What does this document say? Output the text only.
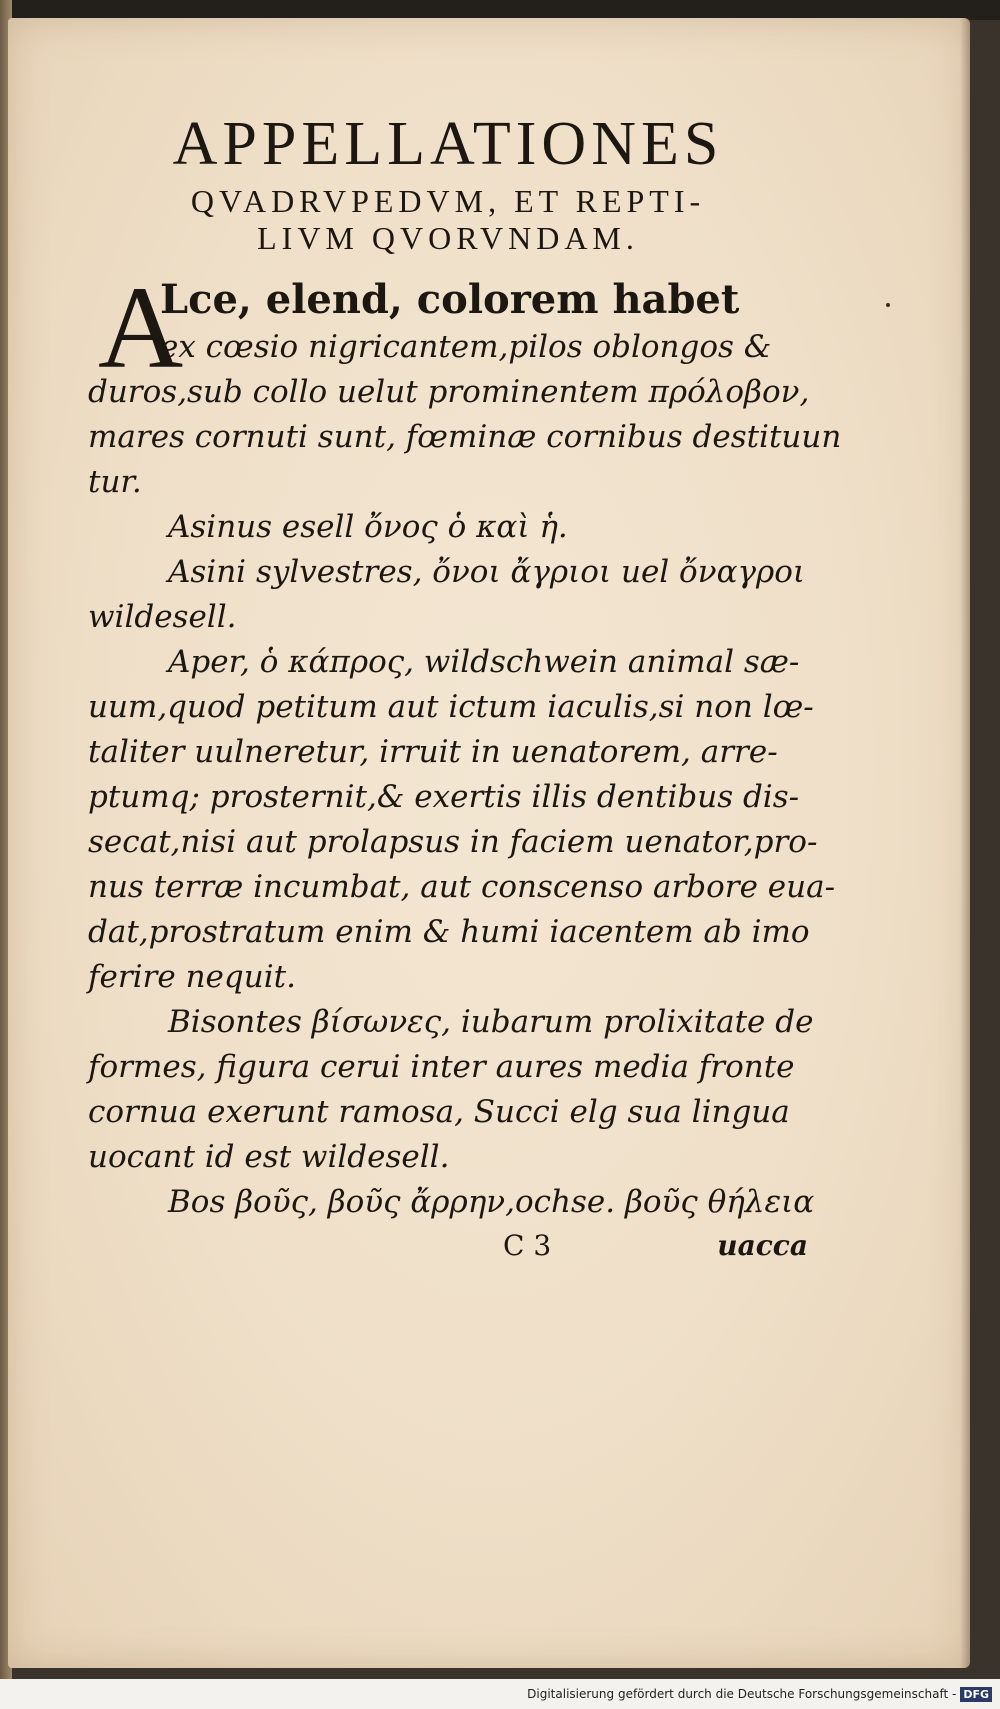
APPELLATIONES
QVADRVPEDVM, ET REPTI-
LIVM QVORVNDAM.
A
Lce, elend, colorem habet
ex cœsio nigricantem,pilos oblongos &
duros,sub collo uelut prominentem πρόλοβον,
mares cornuti sunt, fœminæ cornibus destituun
tur.
Asinus esell ὄνος ὁ καὶ ἡ.
Asini sylvestres, ὄνοι ἄγριοι uel ὄναγροι
wildesell.
Aper, ὁ κάπρος, wildschwein animal sæ-
uum,quod petitum aut ictum iaculis,si non lœ-
taliter uulneretur, irruit in uenatorem, arre-
ptumq; prosternit,& exertis illis dentibus dis-
secat,nisi aut prolapsus in faciem uenator,pro-
nus terræ incumbat, aut conscenso arbore eua-
dat,prostratum enim & humi iacentem ab imo
ferire nequit.
Bisontes βίσωνες, iubarum prolixitate de
formes, figura cerui inter aures media fronte
cornua exerunt ramosa, Succi elg sua lingua
uocant id est wildesell.
Bos βοῦς, βοῦς ἄρρην,ochse. βοῦς θήλεια
C 3	uacca
Digitalisierung gefördert durch die Deutsche Forschungsgemeinschaft - DFG
